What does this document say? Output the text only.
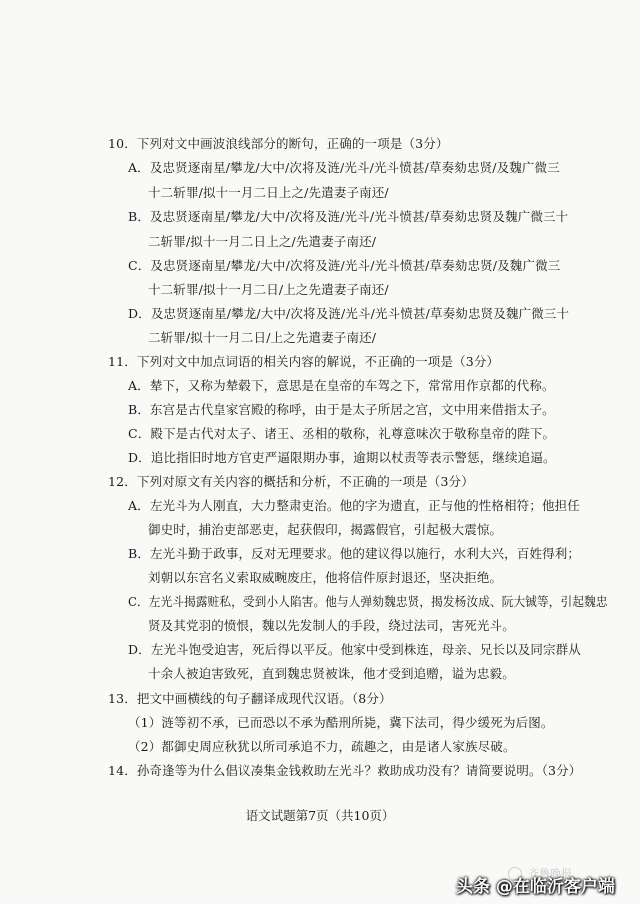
10．下列对文中画波浪线部分的断句，正确的一项是（3分）
A．及忠贤逐南星/攀龙/大中/次将及涟/光斗/光斗愤甚/草奏劾忠贤/及魏广微三
十二斩罪/拟十一月二日上之/先遣妻子南还/
B．及忠贤逐南星/攀龙/大中/次将及涟/光斗/光斗愤甚/草奏劾忠贤及魏广微三十
二斩罪/拟十一月二日上之/先遣妻子南还/
C．及忠贤逐南星/攀龙/大中/次将及涟/光斗/光斗愤甚/草奏劾忠贤/及魏广微三
十二斩罪/拟十一月二日/上之先遣妻子南还/
D．及忠贤逐南星/攀龙/大中/次将及涟/光斗/光斗愤甚/草奏劾忠贤及魏广微三十
二斩罪/拟十一月二日/上之先遣妻子南还/
11．下列对文中加点词语的相关内容的解说，不正确的一项是（3分）
A．辇下，又称为辇毂下，意思是在皇帝的车驾之下，常常用作京都的代称。
B．东宫是古代皇家宫殿的称呼，由于是太子所居之宫，文中用来借指太子。
C．殿下是古代对太子、诸王、丞相的敬称，礼尊意味次于敬称皇帝的陛下。
D．追比指旧时地方官吏严逼限期办事，逾期以杖责等表示警惩，继续追逼。
12．下列对原文有关内容的概括和分析，不正确的一项是（3分）
A．左光斗为人刚直，大力整肃吏治。他的字为遗直，正与他的性格相符；他担任
御史时，捕治吏部恶吏，起获假印，揭露假官，引起极大震惊。
B．左光斗勤于政事，反对无理要求。他的建议得以施行，水利大兴，百姓得利；
刘朝以东宫名义索取威畹废庄，他将信件原封退还，坚决拒绝。
C．左光斗揭露赃私，受到小人陷害。他与人弹劾魏忠贤，揭发杨汝成、阮大铖等，引起魏忠
贤及其党羽的愤恨，魏以先发制人的手段，绕过法司，害死光斗。
D．左光斗饱受迫害，死后得以平反。他家中受到株连，母亲、兄长以及同宗群从
十余人被迫害致死，直到魏忠贤被诛，他才受到追赠，谥为忠毅。
13．把文中画横线的句子翻译成现代汉语。（8分）
（1）涟等初不承，已而恐以不承为酷刑所毙，冀下法司，得少缓死为后图。
（2）都御史周应秋犹以所司承追不力，疏趣之，由是诸人家族尽破。
14．孙奇逢等为什么倡议凑集金钱救助左光斗？救助成功没有？请简要说明。（3分）
语文试题第7页（共10页）
齐鲁晚报
头条 @在临沂客户端
